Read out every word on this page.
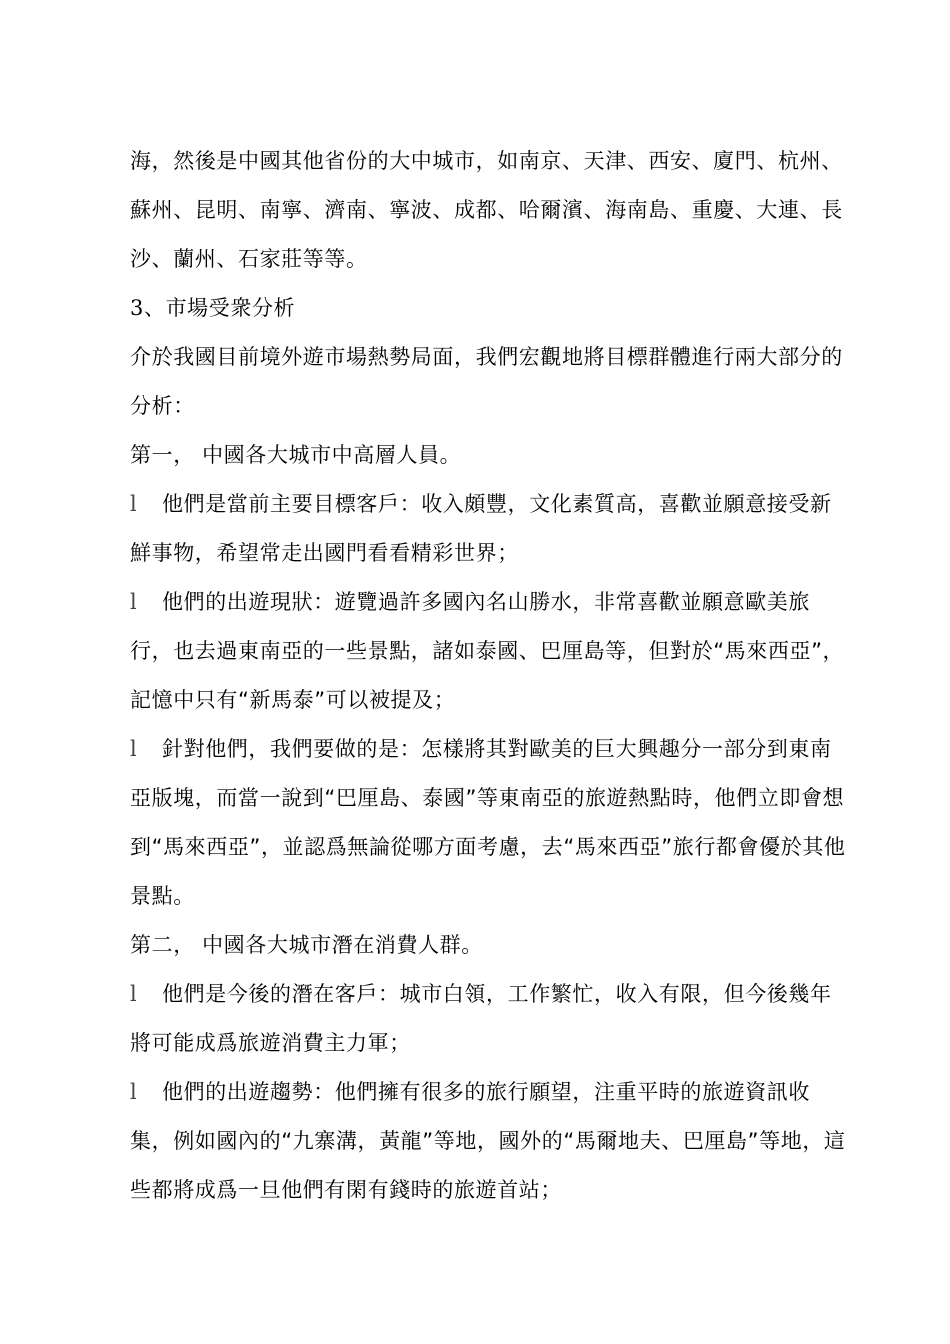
海，然後是中國其他省份的大中城市，如南京、天津、西安、廈門、杭州、蘇州、昆明、南寧、濟南、寧波、成都、哈爾濱、海南島、重慶、大連、長沙、蘭州、石家莊等等。

3、市場受衆分析

介於我國目前境外遊市場熱勢局面，我們宏觀地將目標群體進行兩大部分的分析：

第一， 中國各大城市中高層人員。

l 他們是當前主要目標客戶：收入頗豐，文化素質高，喜歡並願意接受新鮮事物，希望常走出國門看看精彩世界；

l 他們的出遊現狀：遊覽過許多國內名山勝水，非常喜歡並願意歐美旅行，也去過東南亞的一些景點，諸如泰國、巴厘島等，但對於“馬來西亞”，記憶中只有“新馬泰”可以被提及；

l 針對他們，我們要做的是：怎樣將其對歐美的巨大興趣分一部分到東南亞版塊，而當一說到“巴厘島、泰國”等東南亞的旅遊熱點時，他們立即會想到“馬來西亞”，並認爲無論從哪方面考慮，去“馬來西亞”旅行都會優於其他景點。

第二， 中國各大城市潛在消費人群。

l 他們是今後的潛在客戶：城市白領，工作繁忙，收入有限，但今後幾年將可能成爲旅遊消費主力軍；

l 他們的出遊趨勢：他們擁有很多的旅行願望，注重平時的旅遊資訊收集，例如國內的“九寨溝，黃龍”等地，國外的“馬爾地夫、巴厘島”等地，這些都將成爲一旦他們有閑有錢時的旅遊首站；
